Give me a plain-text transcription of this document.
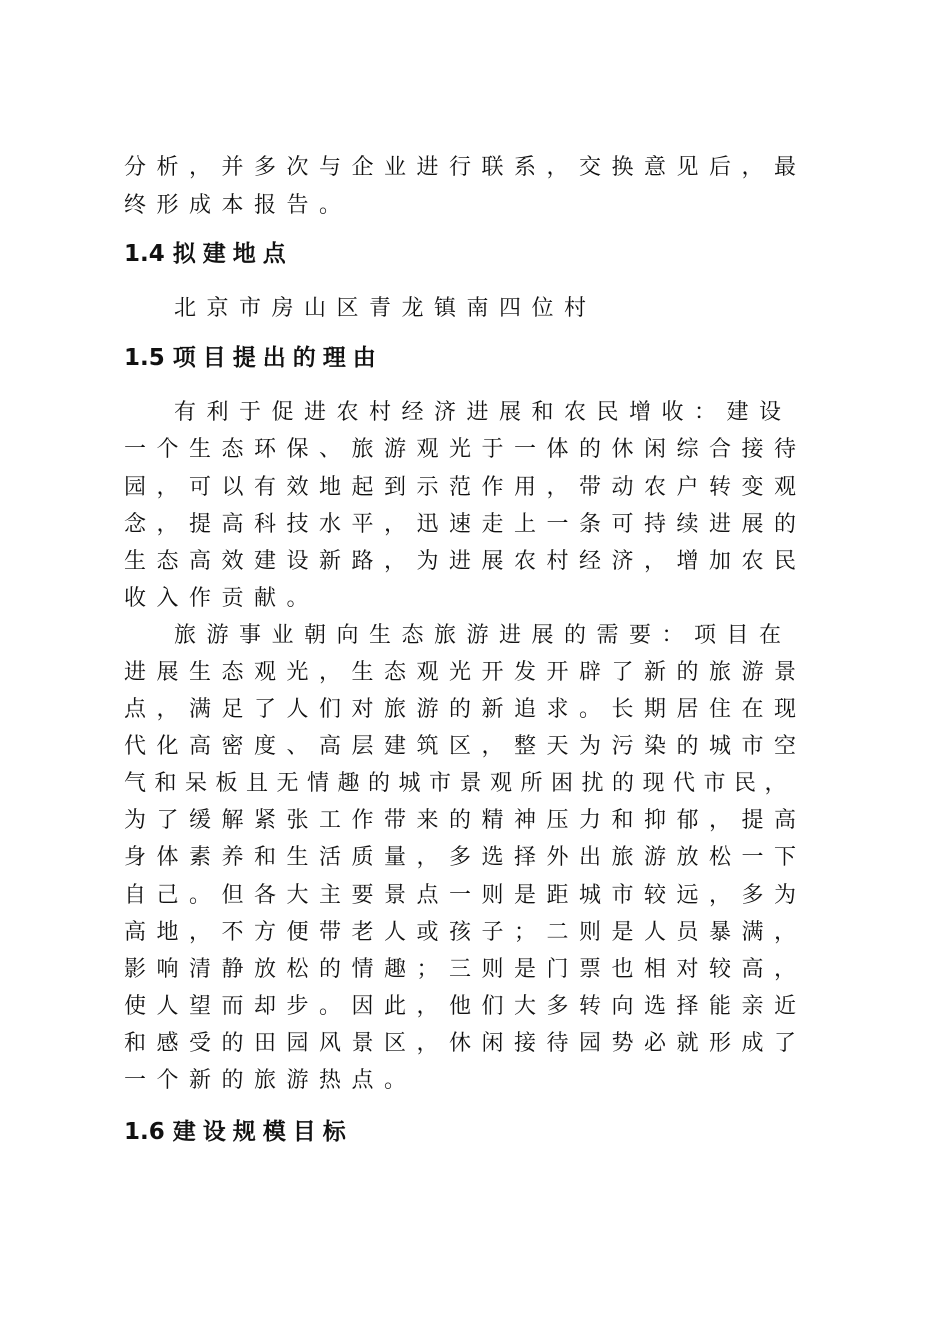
分析，并多次与企业进行联系，交换意见后，最
终形成本报告。
1.4 拟建地点
北京市房山区青龙镇南四位村
1.5 项目提出的理由
有利于促进农村经济进展和农民增收：建设
一个生态环保、旅游观光于一体的休闲综合接待
园，可以有效地起到示范作用，带动农户转变观
念，提高科技水平，迅速走上一条可持续进展的
生态高效建设新路，为进展农村经济，增加农民
收入作贡献。
旅游事业朝向生态旅游进展的需要：项目在
进展生态观光，生态观光开发开辟了新的旅游景
点，满足了人们对旅游的新追求。长期居住在现
代化高密度、高层建筑区，整天为污染的城市空
气和呆板且无情趣的城市景观所困扰的现代市民，
为了缓解紧张工作带来的精神压力和抑郁，提高
身体素养和生活质量，多选择外出旅游放松一下
自己。但各大主要景点一则是距城市较远，多为
高地，不方便带老人或孩子；二则是人员暴满，
影响清静放松的情趣；三则是门票也相对较高，
使人望而却步。因此，他们大多转向选择能亲近
和感受的田园风景区，休闲接待园势必就形成了
一个新的旅游热点。
1.6 建设规模目标
